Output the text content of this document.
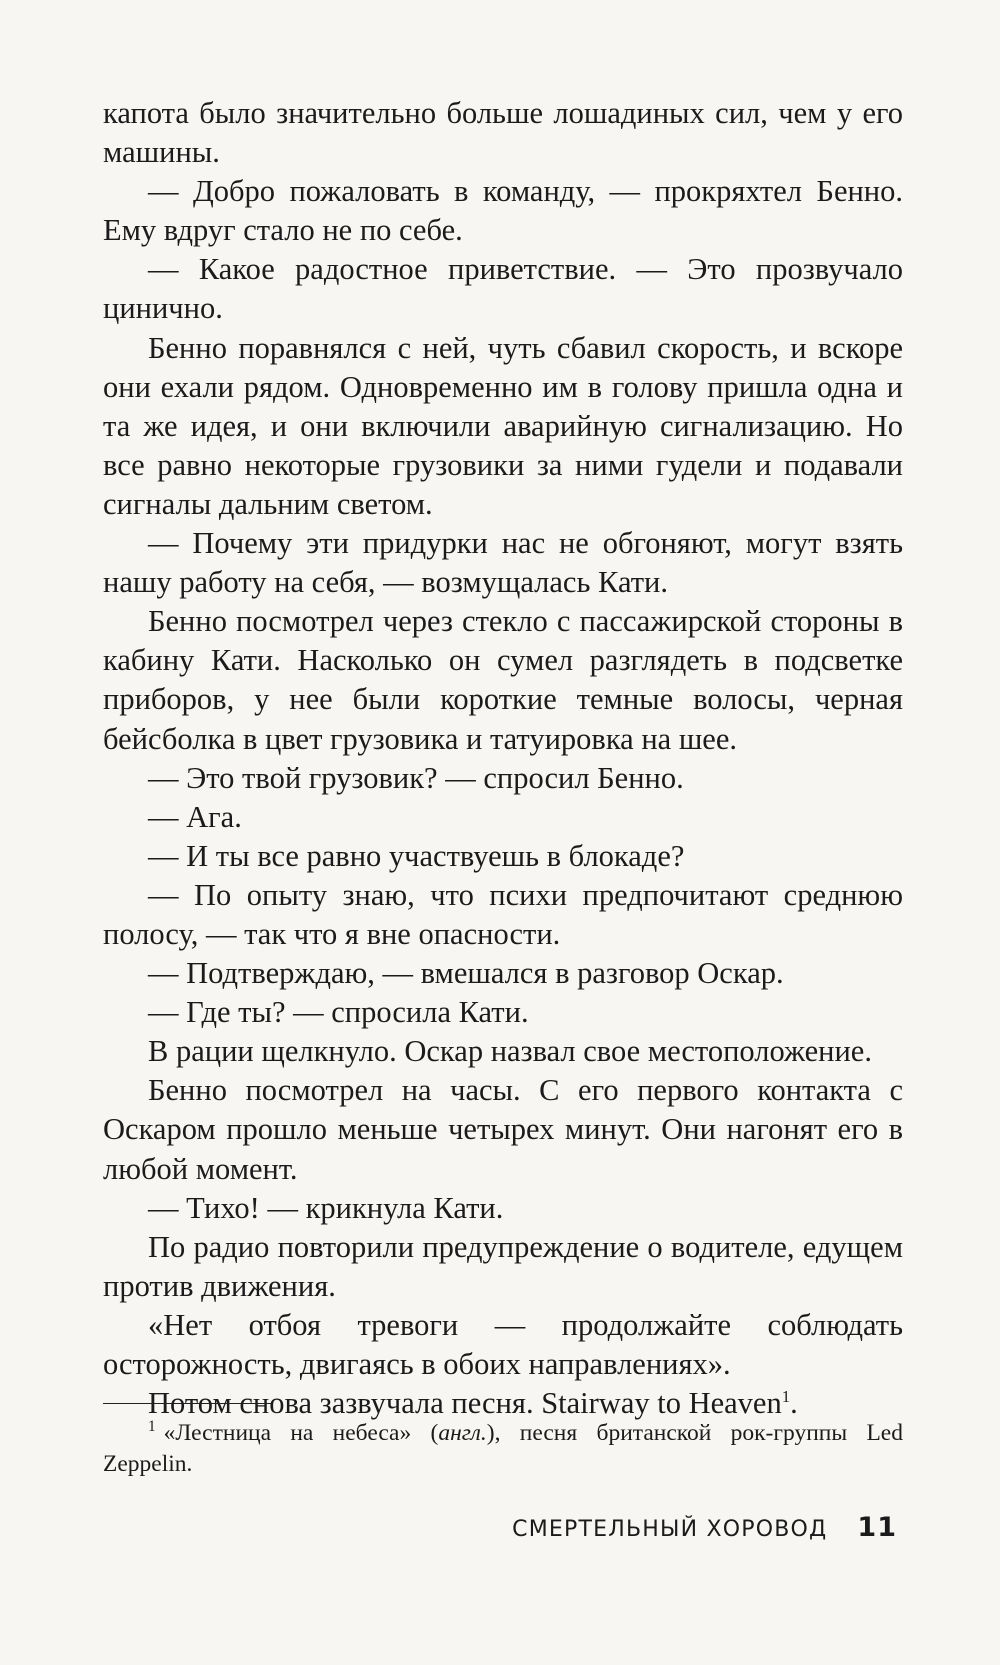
капота было значительно больше лошадиных сил, чем у его машины.

— Добро пожаловать в команду, — прокряхтел Бенно. Ему вдруг стало не по себе.

— Какое радостное приветствие. — Это прозвучало цинично.

Бенно поравнялся с ней, чуть сбавил скорость, и вскоре они ехали рядом. Одновременно им в голову пришла одна и та же идея, и они включили аварийную сигнализацию. Но все равно некоторые грузовики за ними гудели и подавали сигналы дальним светом.

— Почему эти придурки нас не обгоняют, могут взять нашу работу на себя, — возмущалась Кати.

Бенно посмотрел через стекло с пассажирской стороны в кабину Кати. Насколько он сумел разглядеть в подсветке приборов, у нее были короткие темные волосы, черная бейсболка в цвет грузовика и татуировка на шее.

— Это твой грузовик? — спросил Бенно.

— Ага.

— И ты все равно участвуешь в блокаде?

— По опыту знаю, что психи предпочитают среднюю полосу, — так что я вне опасности.

— Подтверждаю, — вмешался в разговор Оскар.

— Где ты? — спросила Кати.

В рации щелкнуло. Оскар назвал свое местоположение.

Бенно посмотрел на часы. С его первого контакта с Оскаром прошло меньше четырех минут. Они нагонят его в любой момент.

— Тихо! — крикнула Кати.

По радио повторили предупреждение о водителе, едущем против движения.

«Нет отбоя тревоги — продолжайте соблюдать осторожность, двигаясь в обоих направлениях».

Потом снова зазвучала песня. Stairway to Heaven$^1$.

$^1$ «Лестница на небеса» (англ.), песня британской рок-группы Led Zeppelin.
СМЕРТЕЛЬНЫЙ ХОРОВОД 11
